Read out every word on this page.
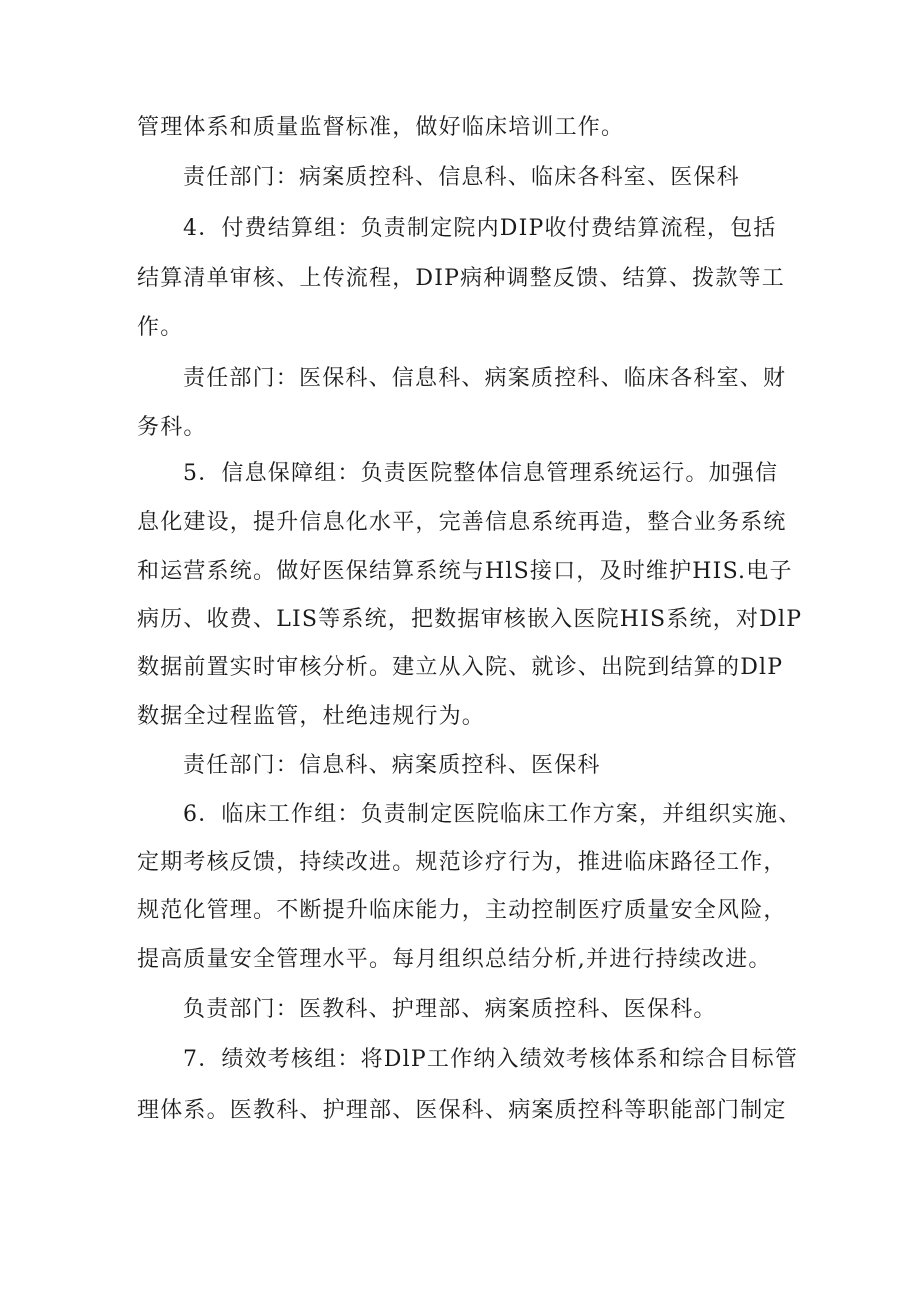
管理体系和质量监督标准，做好临床培训工作。
责任部门：病案质控科、信息科、临床各科室、医保科
4．付费结算组：负责制定院内DIP收付费结算流程，包括
结算清单审核、上传流程，DIP病种调整反馈、结算、拨款等工
作。
责任部门：医保科、信息科、病案质控科、临床各科室、财
务科。
5．信息保障组：负责医院整体信息管理系统运行。加强信
息化建设，提升信息化水平，完善信息系统再造，整合业务系统
和运营系统。做好医保结算系统与HlS接口，及时维护HIS.电子
病历、收费、LIS等系统，把数据审核嵌入医院HIS系统，对DlP
数据前置实时审核分析。建立从入院、就诊、出院到结算的DlP
数据全过程监管，杜绝违规行为。
责任部门：信息科、病案质控科、医保科
6．临床工作组：负责制定医院临床工作方案，并组织实施、
定期考核反馈，持续改进。规范诊疗行为，推进临床路径工作，
规范化管理。不断提升临床能力，主动控制医疗质量安全风险，
提高质量安全管理水平。每月组织总结分析,并进行持续改进。
负责部门：医教科、护理部、病案质控科、医保科。
7．绩效考核组：将DlP工作纳入绩效考核体系和综合目标管
理体系。医教科、护理部、医保科、病案质控科等职能部门制定
